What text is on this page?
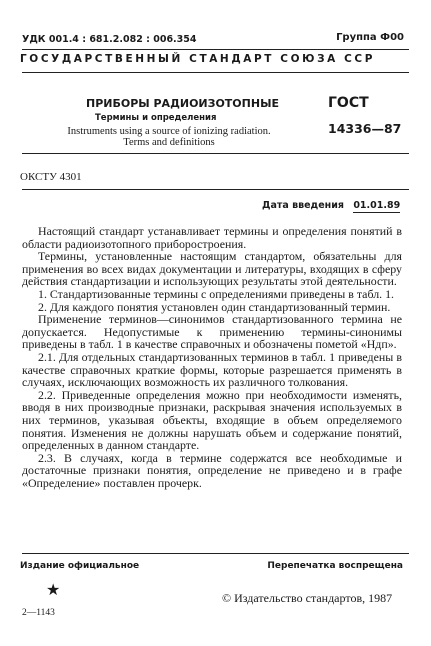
УДК 001.4 : 681.2.082 : 006.354	Группа Ф00
ГОСУДАРСТВЕННЫЙ СТАНДАРТ СОЮЗА ССР
ПРИБОРЫ РАДИОИЗОТОПНЫЕ
Термины и определения
Instruments using a source of ionizing radiation.
Terms and definitions
ГОСТ
14336—87
ОКСТУ 4301
Дата введения 01.01.89

Настоящий стандарт устанавливает термины и определения понятий в области радиоизотопного приборостроения.

Термины, установленные настоящим стандартом, обязательны для применения во всех видах документации и литературы, входящих в сферу действия стандартизации и использующих результаты этой деятельности.

1. Стандартизованные термины с определениями приведены в табл. 1.

2. Для каждого понятия установлен один стандартизованный термин.

Применение терминов—синонимов стандартизованного термина не допускается. Недопустимые к применению термины-синонимы приведены в табл. 1 в качестве справочных и обозначены пометой «Ндп».

2.1. Для отдельных стандартизованных терминов в табл. 1 приведены в качестве справочных краткие формы, которые разрешается применять в случаях, исключающих возможность их различного толкования.

2.2. Приведенные определения можно при необходимости изменять, вводя в них производные признаки, раскрывая значения используемых в них терминов, указывая объекты, входящие в объем определяемого понятия. Изменения не должны нарушать объем и содержание понятий, определенных в данном стандарте.

2.3. В случаях, когда в термине содержатся все необходимые и достаточные признаки понятия, определение не приведено и в графе «Определение» поставлен прочерк.

Издание официальное	Перепечатка воспрещена
★
2—1143
© Издательство стандартов, 1987
